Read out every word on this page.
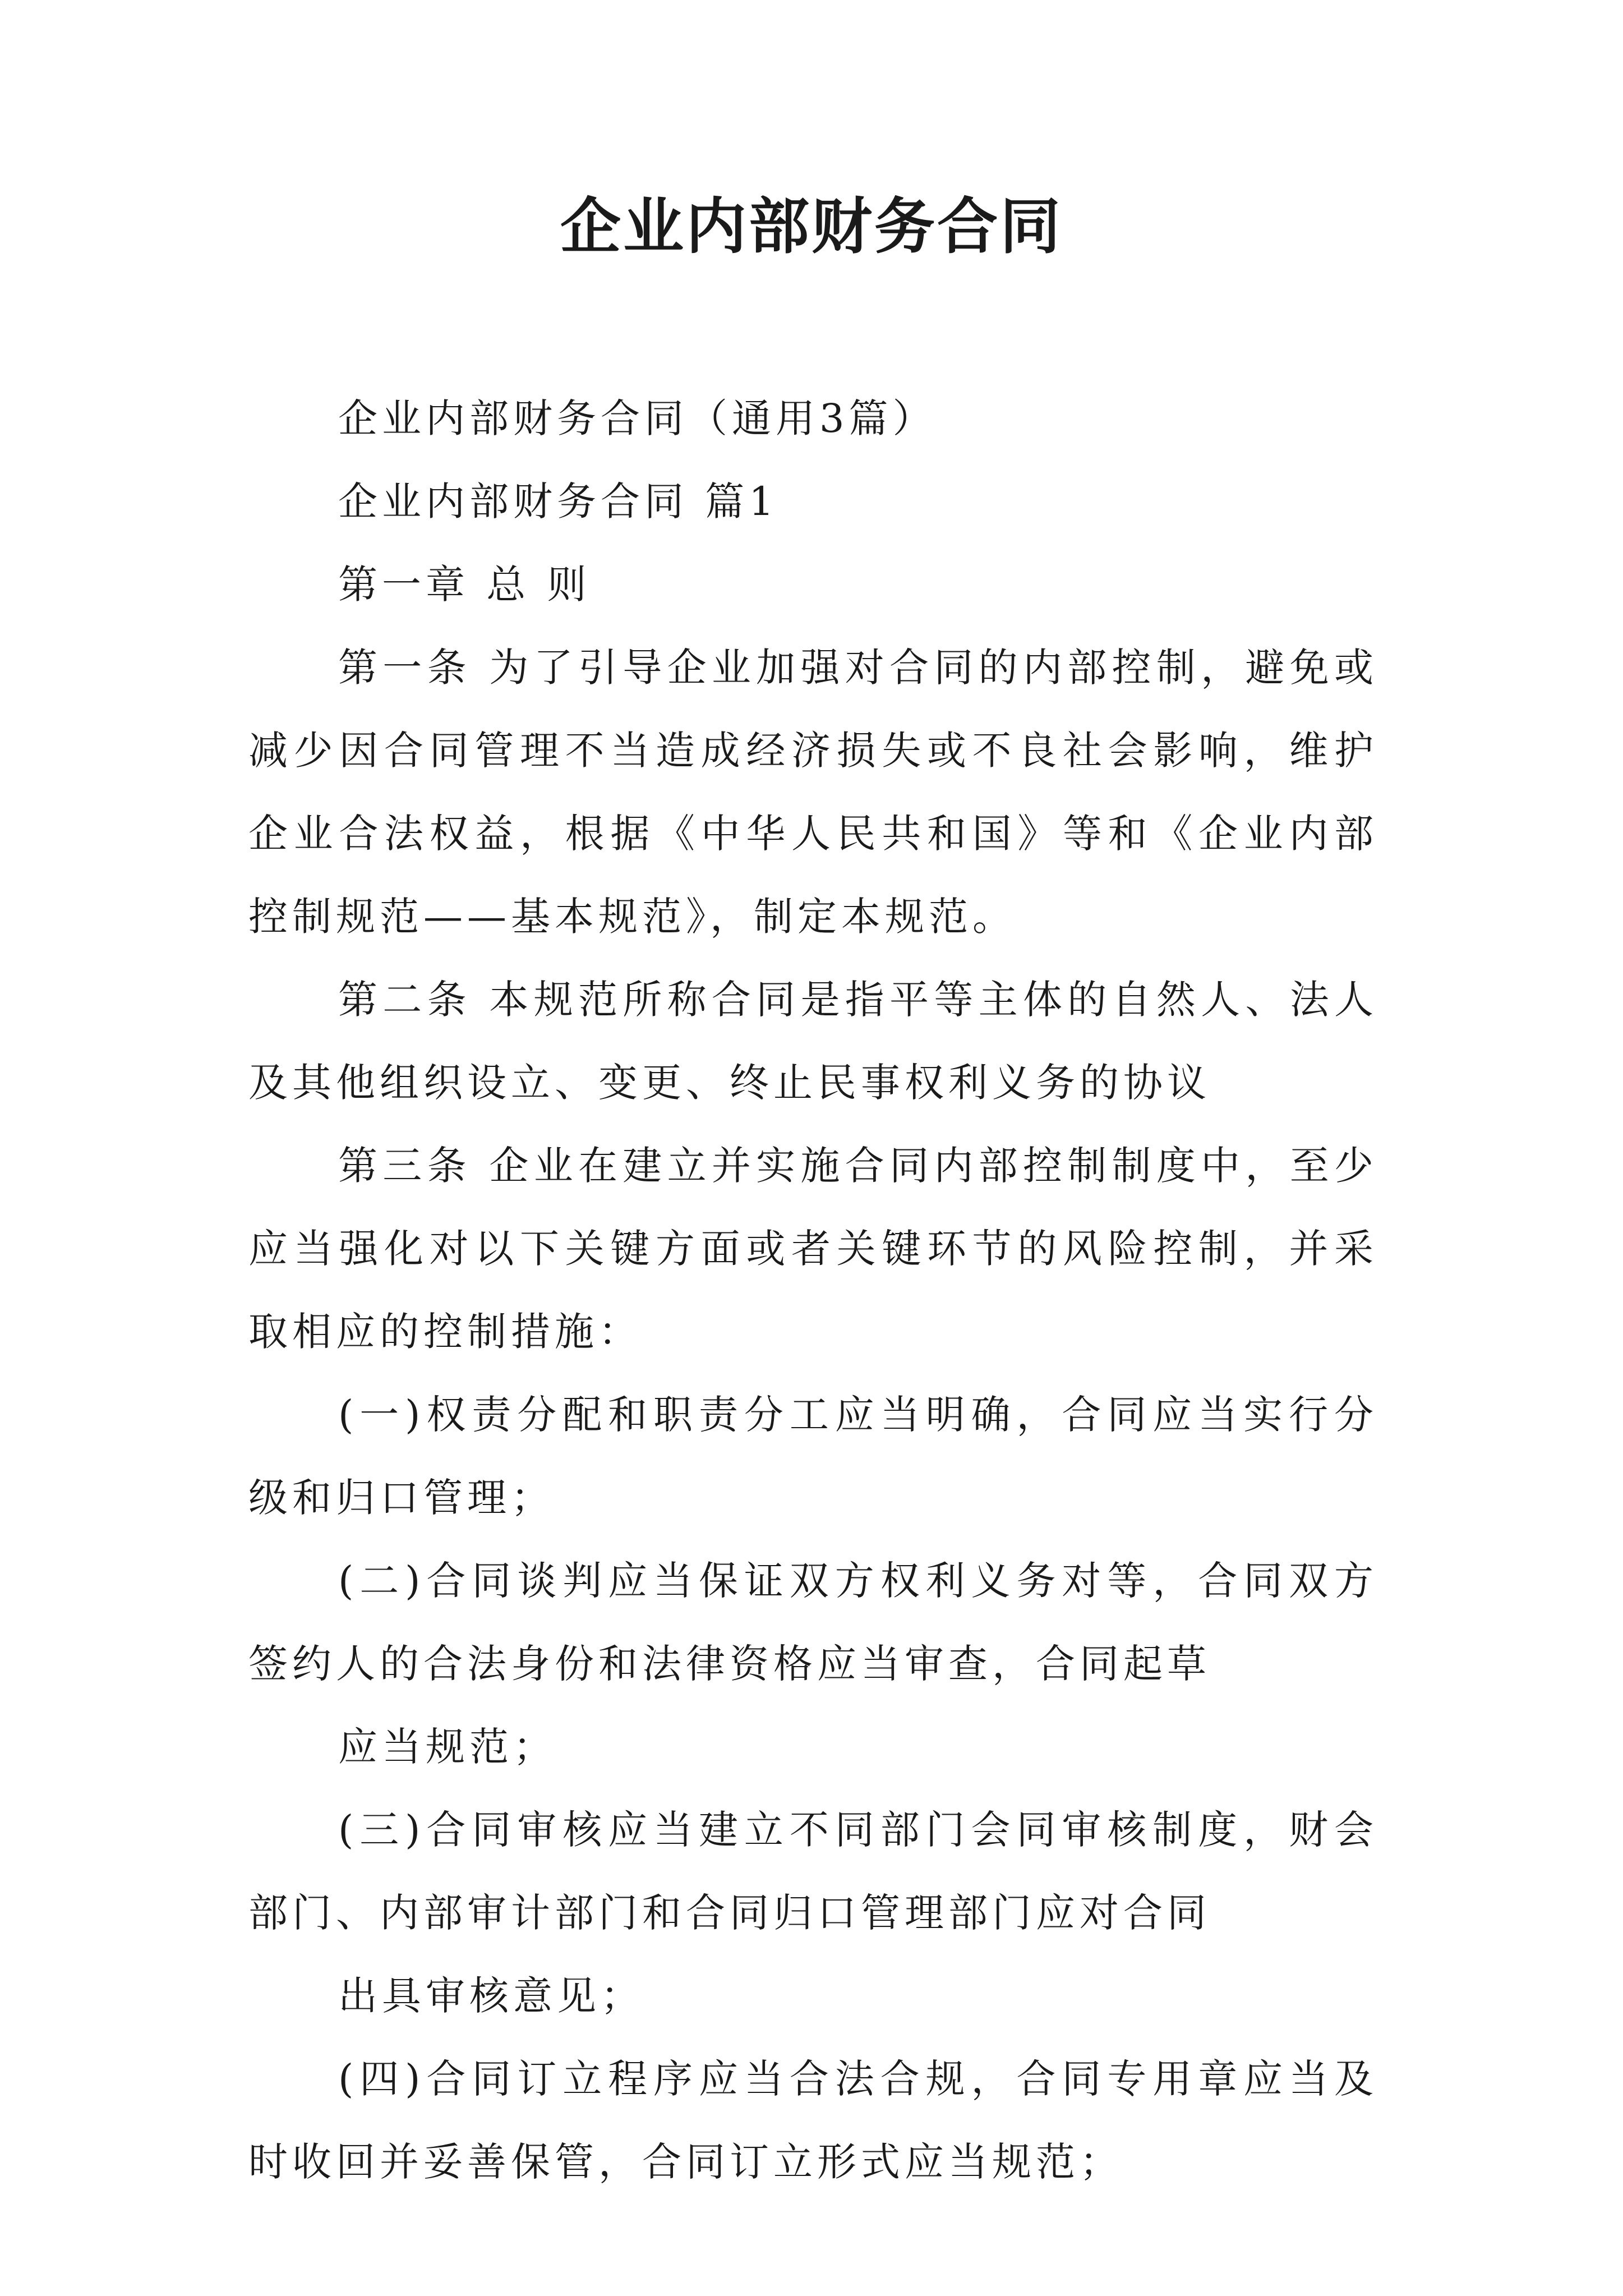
企业内部财务合同

企业内部财务合同（通用3篇）

企业内部财务合同 篇1

第一章 总 则

第一条 为了引导企业加强对合同的内部控制，避免或减少因合同管理不当造成经济损失或不良社会影响，维护企业合法权益，根据《中华人民共和国》等和《企业内部控制规范——基本规范》，制定本规范。

第二条 本规范所称合同是指平等主体的自然人、法人及其他组织设立、变更、终止民事权利义务的协议

第三条 企业在建立并实施合同内部控制制度中，至少应当强化对以下关键方面或者关键环节的风险控制，并采取相应的控制措施：

(一)权责分配和职责分工应当明确，合同应当实行分级和归口管理；

(二)合同谈判应当保证双方权利义务对等，合同双方签约人的合法身份和法律资格应当审查，合同起草

应当规范；

(三)合同审核应当建立不同部门会同审核制度，财会部门、内部审计部门和合同归口管理部门应对合同

出具审核意见；

(四)合同订立程序应当合法合规，合同专用章应当及时收回并妥善保管，合同订立形式应当规范；
